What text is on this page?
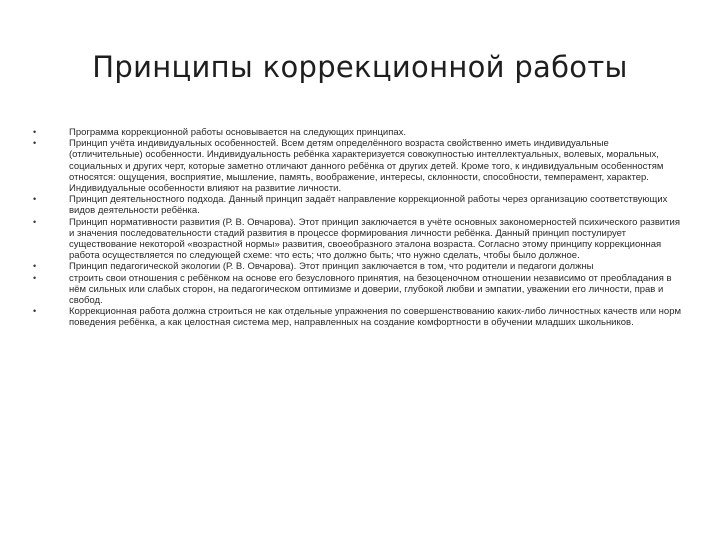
Принципы коррекционной работы
•	Программа коррекционной работы основывается на следующих принципах.
•	Принцип учёта индивидуальных особенностей. Всем детям определённого возраста свойственно иметь индивидуальные (отличительные) особенности. Индивидуальность ребёнка характеризуется совокупностью интеллектуальных, волевых, моральных, социальных и других черт, которые заметно отличают данного ребёнка от других детей. Кроме того, к индивидуальным особенностям относятся: ощущения, восприятие, мышление, память, воображение, интересы, склонности, способности, темперамент, характер. Индивидуальные особенности влияют на развитие личности.
•	Принцип деятельностного подхода. Данный принцип задаёт направление коррекционной работы через организацию соответствующих видов деятельности ребёнка.
•	Принцип нормативности развития (Р. В. Овчарова). Этот принцип заключается в учёте основных закономерностей психического развития и значения последовательности стадий развития в процессе формирования личности ребёнка. Данный принцип постулирует существование некоторой «возрастной нормы» развития, своеобразного эталона возраста. Согласно этому принципу коррекционная работа осуществляется по следующей схеме: что есть; что должно быть; что нужно сделать, чтобы было должное.
•	Принцип педагогической экологии (Р. В. Овчарова). Этот принцип заключается в том, что родители и педагоги должны
•	строить свои отношения с ребёнком на основе его безусловного принятия, на безоценочном отношении независимо от преобладания в нём сильных или слабых сторон, на педагогическом оптимизме и доверии, глубокой любви и эмпатии, уважении его личности, прав и свобод.
•	Коррекционная работа должна строиться не как отдельные упражнения по совершенствованию каких-либо личностных качеств или норм поведения ребёнка, а как целостная система мер, направленных на создание комфортности в обучении младших школьников.
